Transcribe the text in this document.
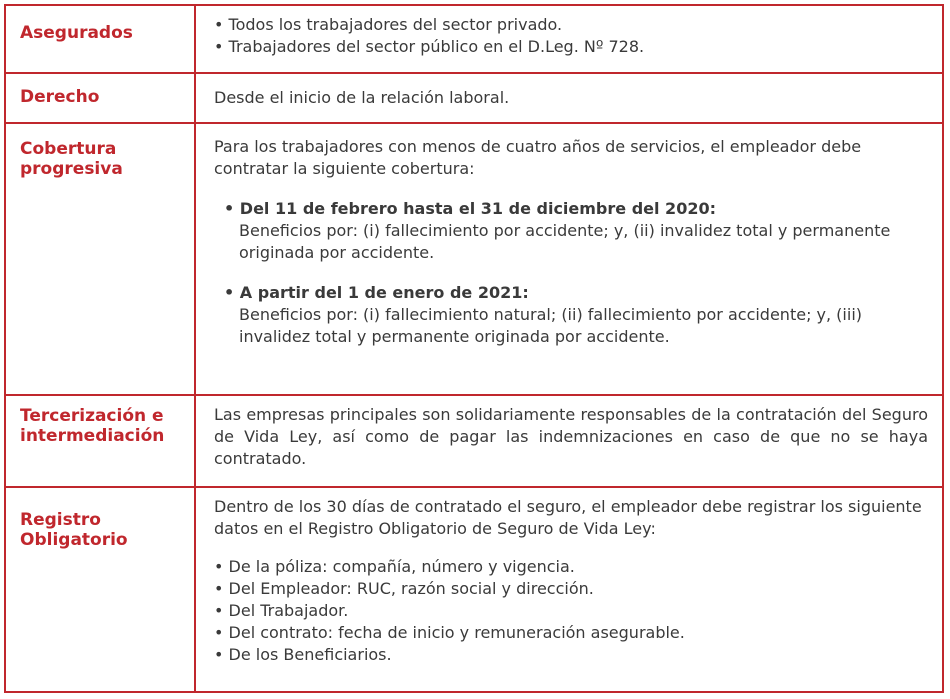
Asegurados	• Todos los trabajadores del sector privado.

• Trabajadores del sector público en el D.Leg. Nº 728.

Derecho	Desde el inicio de la relación laboral.

Cobertura
progresiva

Para los trabajadores con menos de cuatro años de servicios, el empleador debe contratar la siguiente cobertura:

• Del 11 de febrero hasta el 31 de diciembre del 2020:

Beneficios por: (i) fallecimiento por accidente; y, (ii) invalidez total y permanente originada por accidente.

• A partir del 1 de enero de 2021:

Beneficios por: (i) fallecimiento natural; (ii) fallecimiento por accidente; y, (iii) invalidez total y permanente originada por accidente.

Tercerización e
intermediación

Las empresas principales son solidariamente responsables de la contratación del Seguro de Vida Ley, así como de pagar las indemnizaciones en caso de que no se haya contratado.

Registro
Obligatorio

Dentro de los 30 días de contratado el seguro, el empleador debe registrar los siguiente datos en el Registro Obligatorio de Seguro de Vida Ley:

• De la póliza: compañía, número y vigencia.

• Del Empleador: RUC, razón social y dirección.

• Del Trabajador.

• Del contrato: fecha de inicio y remuneración asegurable.

• De los Beneficiarios.
